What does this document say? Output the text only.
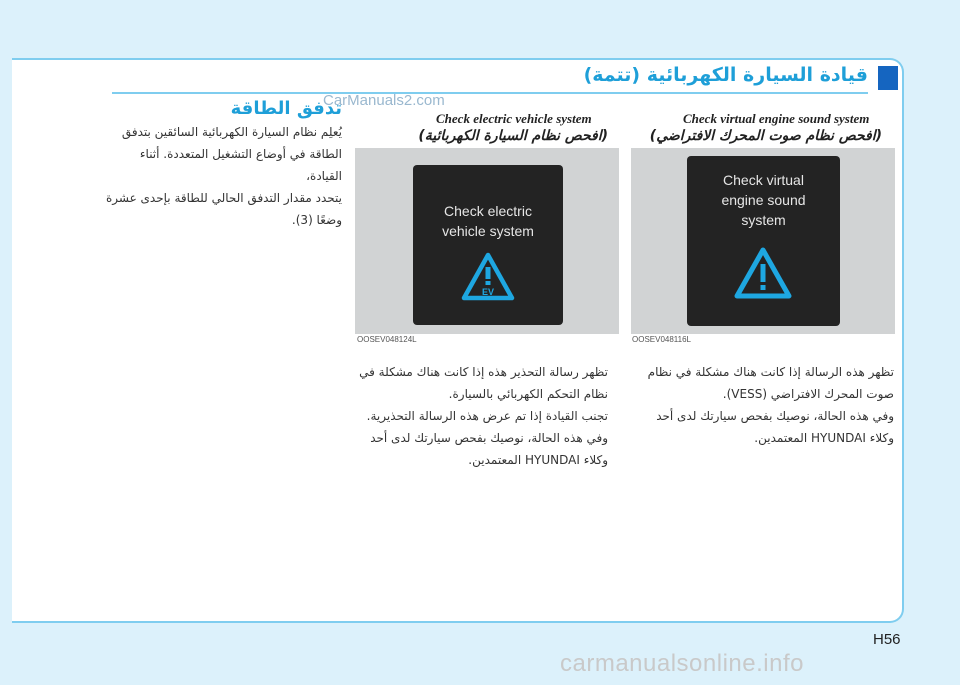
قيادة السيارة الكهربائية (تتمة)
CarManuals2.com
Check virtual engine sound system
(افحص نظام صوت المحرك الافتراضي)
Check virtual
engine sound
system
OOSEV048116L
تظهر هذه الرسالة إذا كانت هناك مشكلة في نظام
صوت المحرك الافتراضي (VESS).
وفي هذه الحالة، نوصيك بفحص سيارتك لدى أحد
وكلاء HYUNDAI المعتمدين.
Check electric vehicle system
(افحص نظام السيارة الكهربائية)
Check electric
vehicle system
EV
OOSEV048124L
تظهر رسالة التحذير هذه إذا كانت هناك مشكلة في
نظام التحكم الكهربائي بالسيارة.
تجنب القيادة إذا تم عرض هذه الرسالة التحذيرية.
وفي هذه الحالة، نوصيك بفحص سيارتك لدى أحد
وكلاء HYUNDAI المعتمدين.
تدفق الطاقة
يُعلِم نظام السيارة الكهربائية السائقين بتدفق
الطاقة في أوضاع التشغيل المتعددة. أثناء القيادة،
يتحدد مقدار التدفق الحالي للطاقة بإحدى عشرة
وضعًا (3).
H56
carmanualsonline.info
